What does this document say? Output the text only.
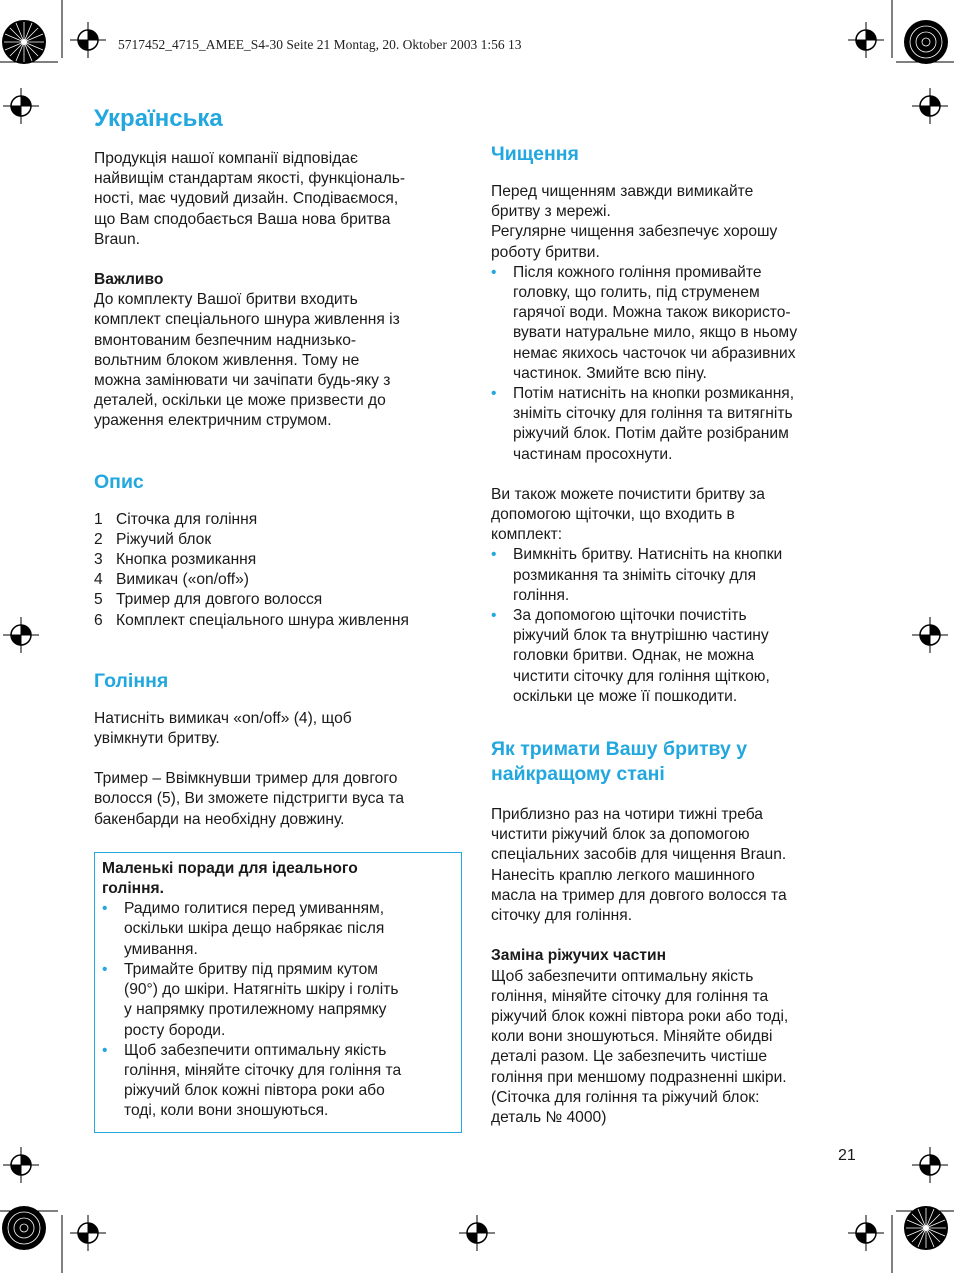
5717452_4715_AMEE_S4-30 Seite 21 Montag, 20. Oktober 2003 1:56 13
Українська

Продукція нашої компанії відповідає
найвищім стандартам якості, функціональ-
ності, має чудовий дизайн. Сподіваємося,
що Вам сподобається Ваша нова бритва
Braun.

Важливо
До комплекту Вашої бритви входить
комплект спеціального шнура живлення із
вмонтованим безпечним наднизько-
вольтним блоком живлення. Тому не
можна замінювати чи зачіпати будь-яку з
деталей, оскільки це може призвести до
ураження електричним струмом.

Опис
1 Сіточка для гоління
2 Ріжучий блок
3 Кнопка розмикання
4 Вимикач («on/off»)
5 Тример для довгого волосся
6 Комплект спеціального шнура живлення
Гоління

Натисніть вимикач «on/off» (4), щоб
увімкнути бритву.

Тример – Ввімкнувши тример для довгого
волосся (5), Ви зможете підстригти вуса та
бакенбарди на необхідну довжину.

Маленькі поради для ідеального
гоління.

• Радимо голитися перед умиванням,
оскільки шкіра дещо набрякає після
умивання.
• Тримайте бритву під прямим кутом
(90°) до шкіри. Натягніть шкіру і голіть
у напрямку протилежному напрямку
росту бороди.
• Щоб забезпечити оптимальну якість
гоління, міняйте сіточку для гоління та
ріжучий блок кожні півтора роки або
тоді, коли вони зношуються.
Чищення

Перед чищенням завжди вимикайте
бритву з мережі.
Регулярне чищення забезпечує хорошу
роботу бритви.

• Після кожного гоління промивайте
головку, що голить, під струменем
гарячої води. Можна також використо-
вувати натуральне мило, якщо в ньому
немає якихось часточок чи абразивних
частинок. Змийте всю піну.
• Потім натисніть на кнопки розмикання,
зніміть сіточку для гоління та витягніть
ріжучий блок. Потім дайте розібраним
частинам просохнути.

Ви також можете почистити бритву за
допомогою щіточки, що входить в
комплект:

• Вимкніть бритву. Натисніть на кнопки
розмикання та зніміть сіточку для
гоління.
• За допомогою щіточки почистіть
ріжучий блок та внутрішню частину
головки бритви. Однак, не можна
чистити сіточку для гоління щіткою,
оскільки це може її пошкодити.
Як тримати Вашу бритву у
найкращому стані

Приблизно раз на чотири тижні треба
чистити ріжучий блок за допомогою
спеціальних засобів для чищення Braun.
Нанесіть краплю легкого машинного
масла на тример для довгого волосся та
сіточку для гоління.

Заміна ріжучих частин
Щоб забезпечити оптимальну якість
гоління, міняйте сіточку для гоління та
ріжучий блок кожні півтора роки або тоді,
коли вони зношуються. Міняйте обидві
деталі разом. Це забезпечить чистіше
гоління при меншому подразненні шкіри.
(Сіточка для гоління та ріжучий блок:
деталь № 4000)

21
